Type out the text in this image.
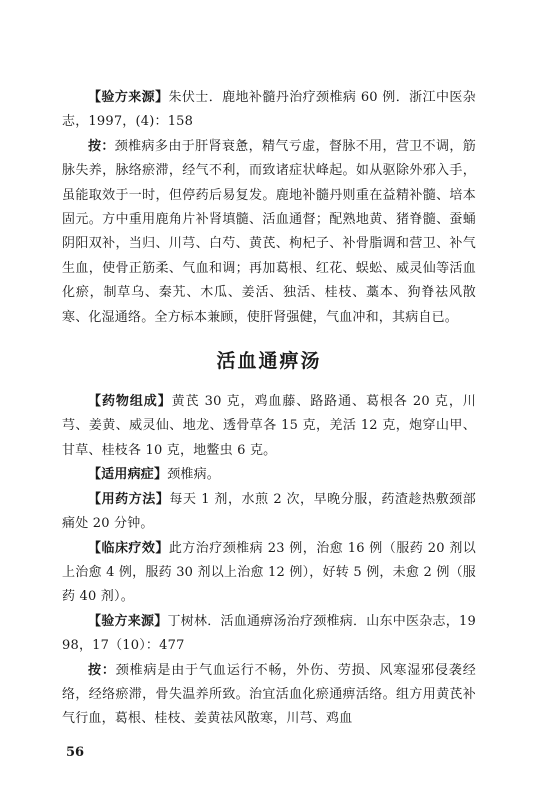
【验方来源】朱伏士．鹿地补髓丹治疗颈椎病 60 例．浙江中医杂志，1997，(4)：158

按：颈椎病多由于肝肾衰惫，精气亏虚，督脉不用，营卫不调，筋脉失养，脉络瘀滞，经气不利，而致诸症状峰起。如从驱除外邪入手，虽能取效于一时，但停药后易复发。鹿地补髓丹则重在益精补髓、培本固元。方中重用鹿角片补肾填髓、活血通督；配熟地黄、猪脊髓、蚕蛹阴阳双补，当归、川芎、白芍、黄芪、枸杞子、补骨脂调和营卫、补气生血，使骨正筋柔、气血和调；再加葛根、红花、蜈蚣、威灵仙等活血化瘀，制草乌、秦艽、木瓜、姜活、独活、桂枝、藁本、狗脊祛风散寒、化湿通络。全方标本兼顾，使肝肾强健，气血冲和，其病自已。

活血通痹汤

【药物组成】黄芪 30 克，鸡血藤、路路通、葛根各 20 克，川芎、姜黄、威灵仙、地龙、透骨草各 15 克，羌活 12 克，炮穿山甲、甘草、桂枝各 10 克，地鳖虫 6 克。

【适用病症】颈椎病。

【用药方法】每天 1 剂，水煎 2 次，早晚分服，药渣趁热敷颈部痛处 20 分钟。

【临床疗效】此方治疗颈椎病 23 例，治愈 16 例（服药 20 剂以上治愈 4 例，服药 30 剂以上治愈 12 例），好转 5 例，未愈 2 例（服药 40 剂）。

【验方来源】丁树林．活血通痹汤治疗颈椎病．山东中医杂志，1998，17（10）：477

按：颈椎病是由于气血运行不畅，外伤、劳损、风寒湿邪侵袭经络，经络瘀滞，骨失温养所致。治宜活血化瘀通痹活络。组方用黄芪补气行血，葛根、桂枝、姜黄祛风散寒，川芎、鸡血

56
